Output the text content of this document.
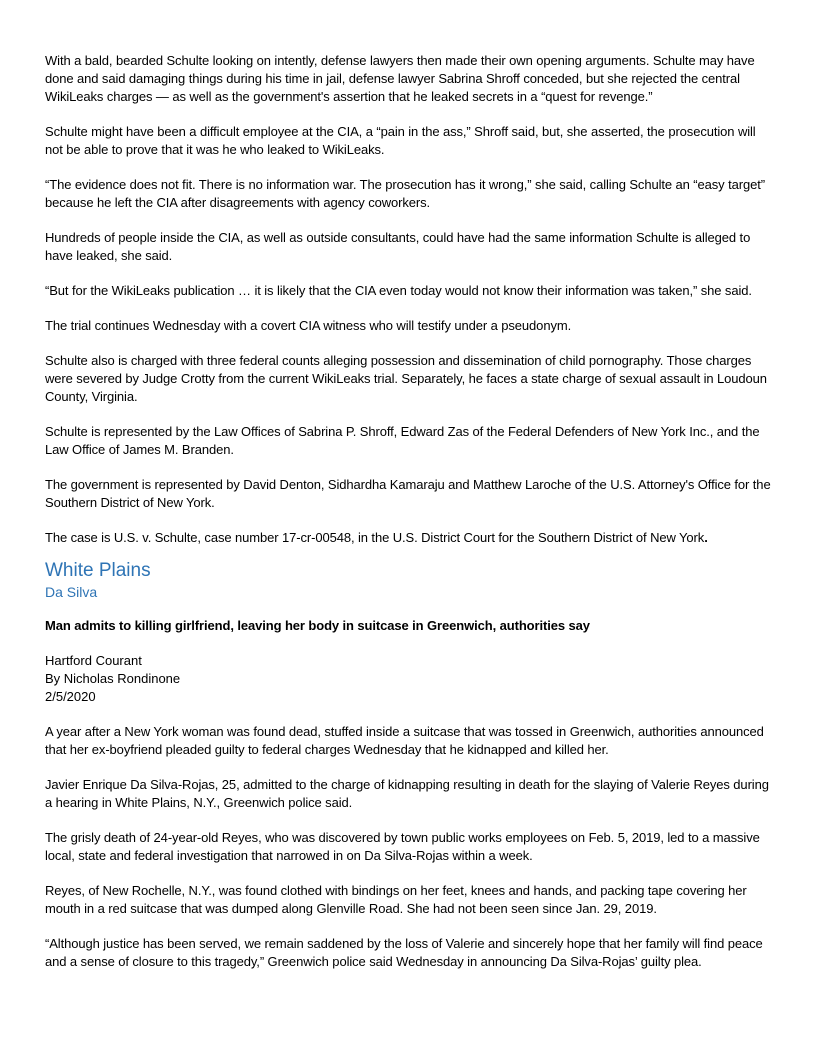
With a bald, bearded Schulte looking on intently, defense lawyers then made their own opening arguments. Schulte may have done and said damaging things during his time in jail, defense lawyer Sabrina Shroff conceded, but she rejected the central WikiLeaks charges — as well as the government's assertion that he leaked secrets in a “quest for revenge.”

Schulte might have been a difficult employee at the CIA, a “pain in the ass,” Shroff said, but, she asserted, the prosecution will not be able to prove that it was he who leaked to WikiLeaks.

“The evidence does not fit. There is no information war. The prosecution has it wrong,” she said, calling Schulte an “easy target” because he left the CIA after disagreements with agency coworkers.

Hundreds of people inside the CIA, as well as outside consultants, could have had the same information Schulte is alleged to have leaked, she said.

“But for the WikiLeaks publication … it is likely that the CIA even today would not know their information was taken,” she said.

The trial continues Wednesday with a covert CIA witness who will testify under a pseudonym.

Schulte also is charged with three federal counts alleging possession and dissemination of child pornography. Those charges were severed by Judge Crotty from the current WikiLeaks trial. Separately, he faces a state charge of sexual assault in Loudoun County, Virginia.

Schulte is represented by the Law Offices of Sabrina P. Shroff, Edward Zas of the Federal Defenders of New York Inc., and the Law Office of James M. Branden.

The government is represented by David Denton, Sidhardha Kamaraju and Matthew Laroche of the U.S. Attorney's Office for the Southern District of New York.

The case is U.S. v. Schulte, case number 17-cr-00548, in the U.S. District Court for the Southern District of New York.

White Plains
Da Silva

Man admits to killing girlfriend, leaving her body in suitcase in Greenwich, authorities say

Hartford Courant
By Nicholas Rondinone
2/5/2020

A year after a New York woman was found dead, stuffed inside a suitcase that was tossed in Greenwich, authorities announced that her ex-boyfriend pleaded guilty to federal charges Wednesday that he kidnapped and killed her.

Javier Enrique Da Silva-Rojas, 25, admitted to the charge of kidnapping resulting in death for the slaying of Valerie Reyes during a hearing in White Plains, N.Y., Greenwich police said.

The grisly death of 24-year-old Reyes, who was discovered by town public works employees on Feb. 5, 2019, led to a massive local, state and federal investigation that narrowed in on Da Silva-Rojas within a week.

Reyes, of New Rochelle, N.Y., was found clothed with bindings on her feet, knees and hands, and packing tape covering her mouth in a red suitcase that was dumped along Glenville Road. She had not been seen since Jan. 29, 2019.

“Although justice has been served, we remain saddened by the loss of Valerie and sincerely hope that her family will find peace and a sense of closure to this tragedy,” Greenwich police said Wednesday in announcing Da Silva-Rojas’ guilty plea.
